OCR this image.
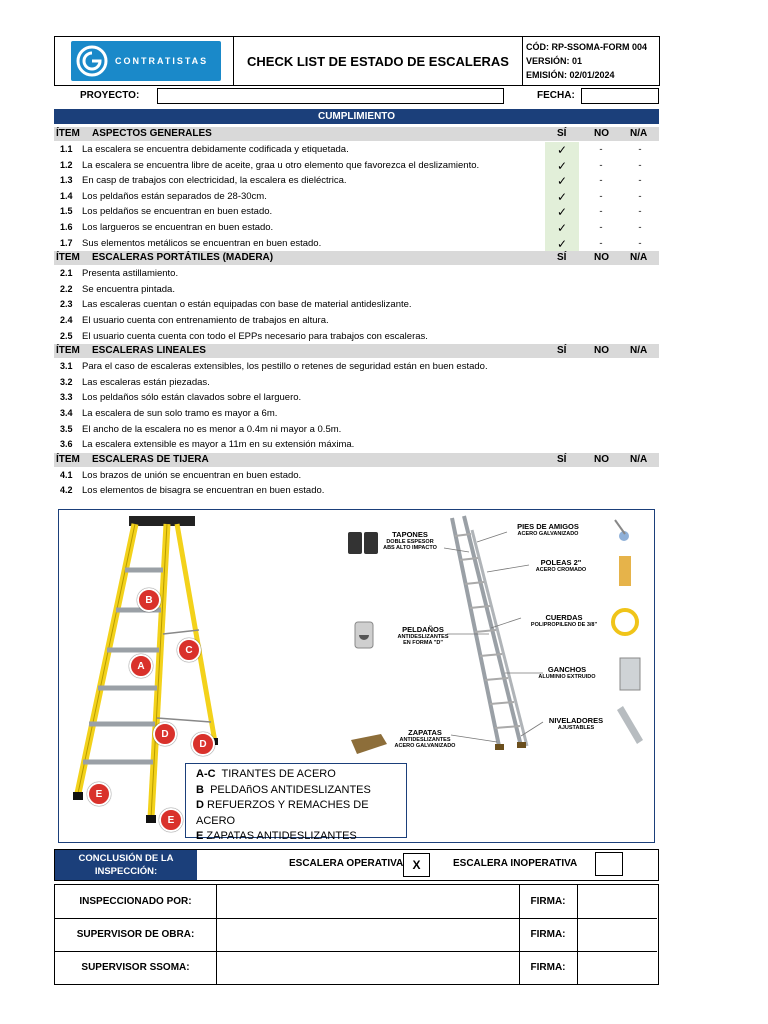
CONTRATISTAS	CHECK LIST DE ESTADO DE ESCALERAS
CÓD: RP-SSOMA-FORM 004
VERSIÓN: 01
EMISIÓN: 02/01/2024
PROYECTO:	FECHA:
CUMPLIMIENTO
ÍTEM ASPECTOS GENERALES	SÍ	NO N/A
1.1 La escalera se encuentra debidamente codificada y etiquetada.	✓	-	-
1.2 La escalera se encuentra libre de aceite, graa u otro elemento que favorezca el deslizamiento.	✓	-	-
1.3 En casp de trabajos con electricidad, la escalera es dieléctrica.	✓	-	-
1.4 Los peldaños están separados de 28-30cm.	✓	-	-
1.5 Los peldaños se encuentran en buen estado.	✓	-	-
1.6 Los largueros se encuentran en buen estado.	✓	-	-
1.7 Sus elementos metálicos se encuentran en buen estado.	✓	-	-
ÍTEM ESCALERAS PORTÁTILES (MADERA)	SÍ	NO N/A
2.1 Presenta astillamiento.
2.2 Se encuentra pintada.
2.3 Las escaleras cuentan o están equipadas con base de material antideslizante.
2.4 El usuario cuenta con entrenamiento de trabajos en altura.
2.5 El usuario cuenta cuenta con todo el EPPs necesario para trabajos con escaleras.
ÍTEM ESCALERAS LINEALES	SÍ	NO N/A
3.1 Para el caso de escaleras extensibles, los pestillo o retenes de seguridad están en buen estado.
3.2 Las escaleras están piezadas.
3.3 Los peldaños sólo están clavados sobre el larguero.
3.4 La escalera de sun solo tramo es mayor a 6m.
3.5 El ancho de la escalera no es menor a 0.4m ni mayor a 0.5m.
3.6 La escalera extensible es mayor a 11m en su extensión máxima.
ÍTEM ESCALERAS DE TIJERA	SÍ	NO N/A
4.1 Los brazos de unión se encuentran en buen estado.
4.2 Los elementos de bisagra se encuentran en buen estado.
A
B
C
D
D
E
E
TAPONES
DOBLE ESPESOR
ABS ALTO IMPACTO
PIES DE AMIGOS
ACERO GALVANIZADO
POLEAS 2"
ACERO CROMADO
PELDAÑOS
ANTIDESLIZANTES
EN FORMA "D"
CUERDAS
POLIPROPILENO DE 3/8"
GANCHOS
ALUMINIO EXTRUIDO
NIVELADORES
AJUSTABLES
ZAPATAS
ANTIDESLIZANTES
ACERO GALVANIZADO
A-C TIRANTES DE ACERO
B PELDAñOS ANTIDESLIZANTES
D REFUERZOS Y REMACHES DE ACERO
E ZAPATAS ANTIDESLIZANTES
CONCLUSIÓN DE LA
INSPECCIÓN:
ESCALERA OPERATIVA X	ESCALERA INOPERATIVA
INSPECCIONADO POR:	FIRMA:
SUPERVISOR DE OBRA:	FIRMA:
SUPERVISOR SSOMA:	FIRMA:
